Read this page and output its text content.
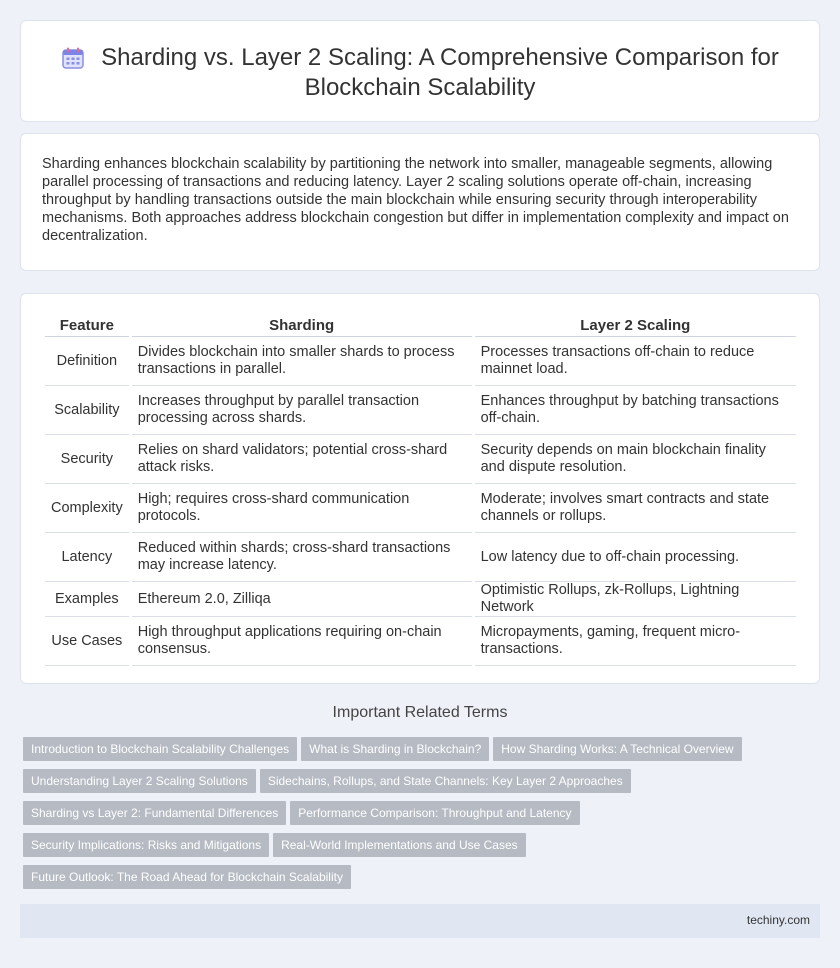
Sharding vs. Layer 2 Scaling: A Comprehensive Comparison for Blockchain Scalability

Sharding enhances blockchain scalability by partitioning the network into smaller, manageable segments, allowing parallel processing of transactions and reducing latency. Layer 2 scaling solutions operate off-chain, increasing throughput by handling transactions outside the main blockchain while ensuring security through interoperability mechanisms. Both approaches address blockchain congestion but differ in implementation complexity and impact on decentralization.

Feature	Sharding	Layer 2 Scaling
Definition	Divides blockchain into smaller shards to process transactions in parallel.	Processes transactions off-chain to reduce mainnet load.
Scalability	Increases throughput by parallel transaction processing across shards.	Enhances throughput by batching transactions off-chain.
Security	Relies on shard validators; potential cross-shard attack risks.	Security depends on main blockchain finality and dispute resolution.
Complexity	High; requires cross-shard communication protocols.	Moderate; involves smart contracts and state channels or rollups.
Latency	Reduced within shards; cross-shard transactions may increase latency.	Low latency due to off-chain processing.
Examples	Ethereum 2.0, Zilliqa	Optimistic Rollups, zk-Rollups, Lightning Network
Use Cases	High throughput applications requiring on-chain consensus.	Micropayments, gaming, frequent micro-transactions.
Important Related Terms
Introduction to Blockchain Scalability Challenges What is Sharding in Blockchain? How Sharding Works: A Technical Overview
Understanding Layer 2 Scaling Solutions Sidechains, Rollups, and State Channels: Key Layer 2 Approaches
Sharding vs Layer 2: Fundamental Differences Performance Comparison: Throughput and Latency
Security Implications: Risks and Mitigations Real-World Implementations and Use Cases
Future Outlook: The Road Ahead for Blockchain Scalability
techiny.com
